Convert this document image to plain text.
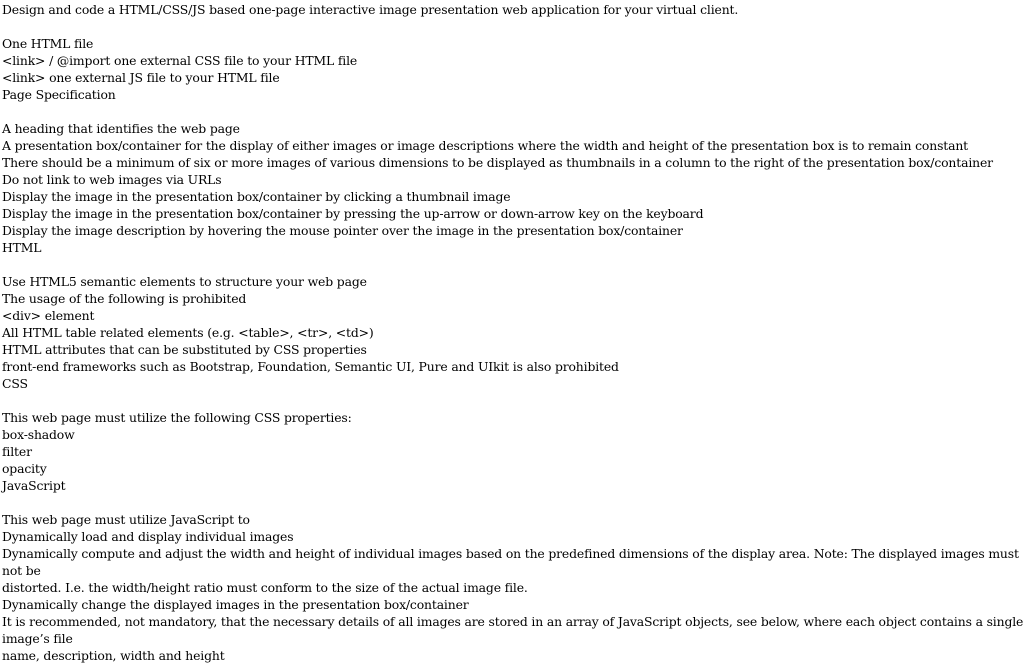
Design and code a HTML/CSS/JS based one-page interactive image presentation web application for your virtual client.

One HTML file

<link> / @import one external CSS file to your HTML file

<link> one external JS file to your HTML file

Page Specification

A heading that identifies the web page

A presentation box/container for the display of either images or image descriptions where the width and height of the presentation box is to remain constant

There should be a minimum of six or more images of various dimensions to be displayed as thumbnails in a column to the right of the presentation box/container

Do not link to web images via URLs

Display the image in the presentation box/container by clicking a thumbnail image

Display the image in the presentation box/container by pressing the up-arrow or down-arrow key on the keyboard

Display the image description by hovering the mouse pointer over the image in the presentation box/container

HTML

Use HTML5 semantic elements to structure your web page

The usage of the following is prohibited

<div> element

All HTML table related elements (e.g. <table>, <tr>, <td>)

HTML attributes that can be substituted by CSS properties

front-end frameworks such as Bootstrap, Foundation, Semantic UI, Pure and UIkit is also prohibited

CSS

This web page must utilize the following CSS properties:

box-shadow

filter

opacity

JavaScript

This web page must utilize JavaScript to

Dynamically load and display individual images

Dynamically compute and adjust the width and height of individual images based on the predefined dimensions of the display area. Note: The displayed images must not be

distorted. I.e. the width/height ratio must conform to the size of the actual image file.

Dynamically change the displayed images in the presentation box/container

It is recommended, not mandatory, that the necessary details of all images are stored in an array of JavaScript objects, see below, where each object contains a single image’s file

name, description, width and height
